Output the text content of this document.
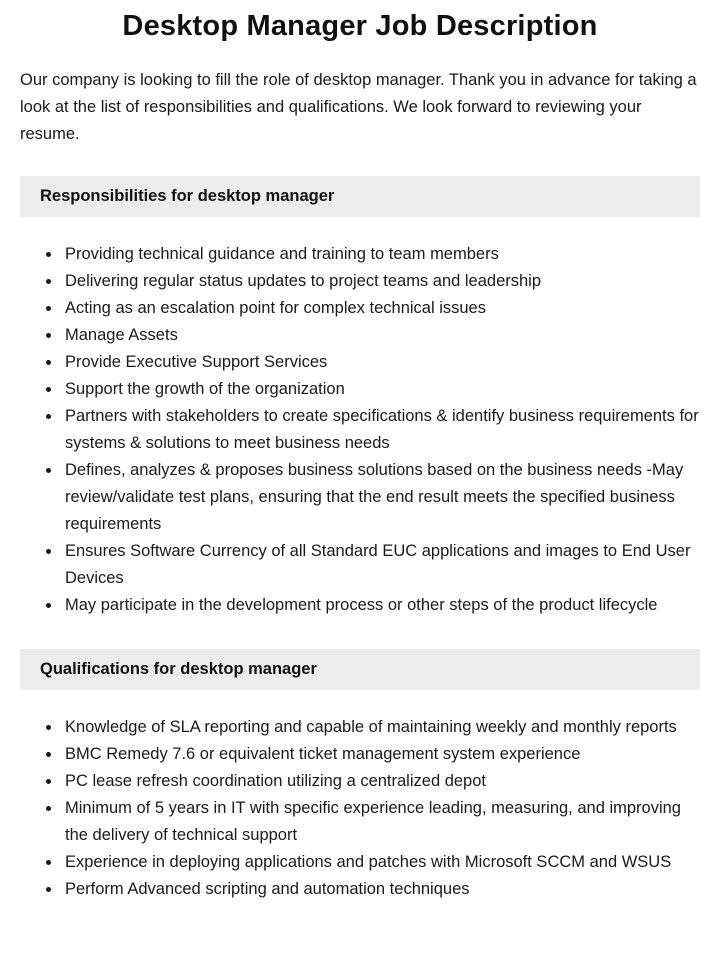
Desktop Manager Job Description

Our company is looking to fill the role of desktop manager. Thank you in advance for taking a look at the list of responsibilities and qualifications. We look forward to reviewing your resume.

Responsibilities for desktop manager
• Providing technical guidance and training to team members
• Delivering regular status updates to project teams and leadership
• Acting as an escalation point for complex technical issues
• Manage Assets
• Provide Executive Support Services
• Support the growth of the organization
• Partners with stakeholders to create specifications & identify business requirements for systems & solutions to meet business needs
• Defines, analyzes & proposes business solutions based on the business needs -May review/validate test plans, ensuring that the end result meets the specified business requirements
• Ensures Software Currency of all Standard EUC applications and images to End User Devices
• May participate in the development process or other steps of the product lifecycle
Qualifications for desktop manager
• Knowledge of SLA reporting and capable of maintaining weekly and monthly reports
• BMC Remedy 7.6 or equivalent ticket management system experience
• PC lease refresh coordination utilizing a centralized depot
• Minimum of 5 years in IT with specific experience leading, measuring, and improving the delivery of technical support
• Experience in deploying applications and patches with Microsoft SCCM and WSUS
• Perform Advanced scripting and automation techniques
